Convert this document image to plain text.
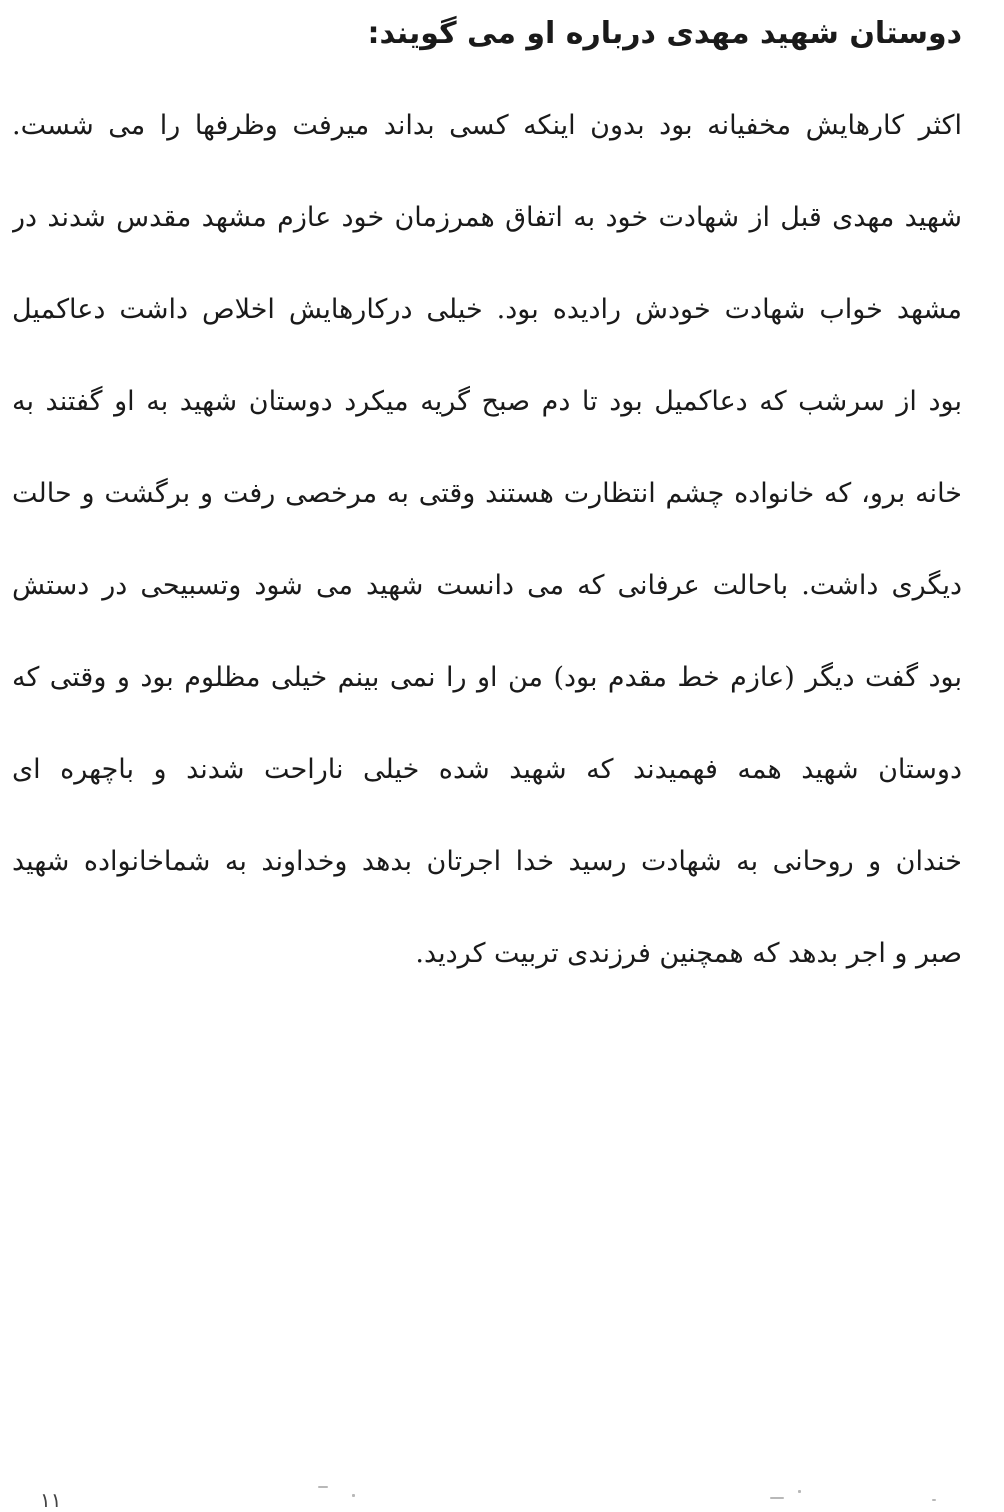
دوستان شهید مهدی درباره او می گویند:
اکثر کارهایش مخفیانه بود بدون اینکه کسی بداند میرفت وظرفها را می شست.
شهید مهدی قبل از شهادت خود به اتفاق همرزمان خود عازم مشهد مقدس شدند در
مشهد خواب شهادت خودش رادیده بود. خیلی درکارهایش اخلاص داشت دعاکمیل
بود از سرشب که دعاکمیل بود تا دم صبح گریه میکرد دوستان شهید به او گفتند به
خانه برو، که خانواده چشم انتظارت هستند وقتی به مرخصی رفت و برگشت و حالت
دیگری داشت. باحالت عرفانی که می دانست شهید می شود وتسبیحی در دستش
بود گفت دیگر (عازم خط مقدم بود) من او را نمی بینم خیلی مظلوم بود و وقتی که
دوستان شهید همه فهمیدند که شهید شده خیلی ناراحت شدند و باچهره ای
خندان و روحانی به شهادت رسید خدا اجرتان بدهد وخداوند به شماخانواده شهید
صبر و اجر بدهد که همچنین فرزندی تربیت کردید.
۱۱
